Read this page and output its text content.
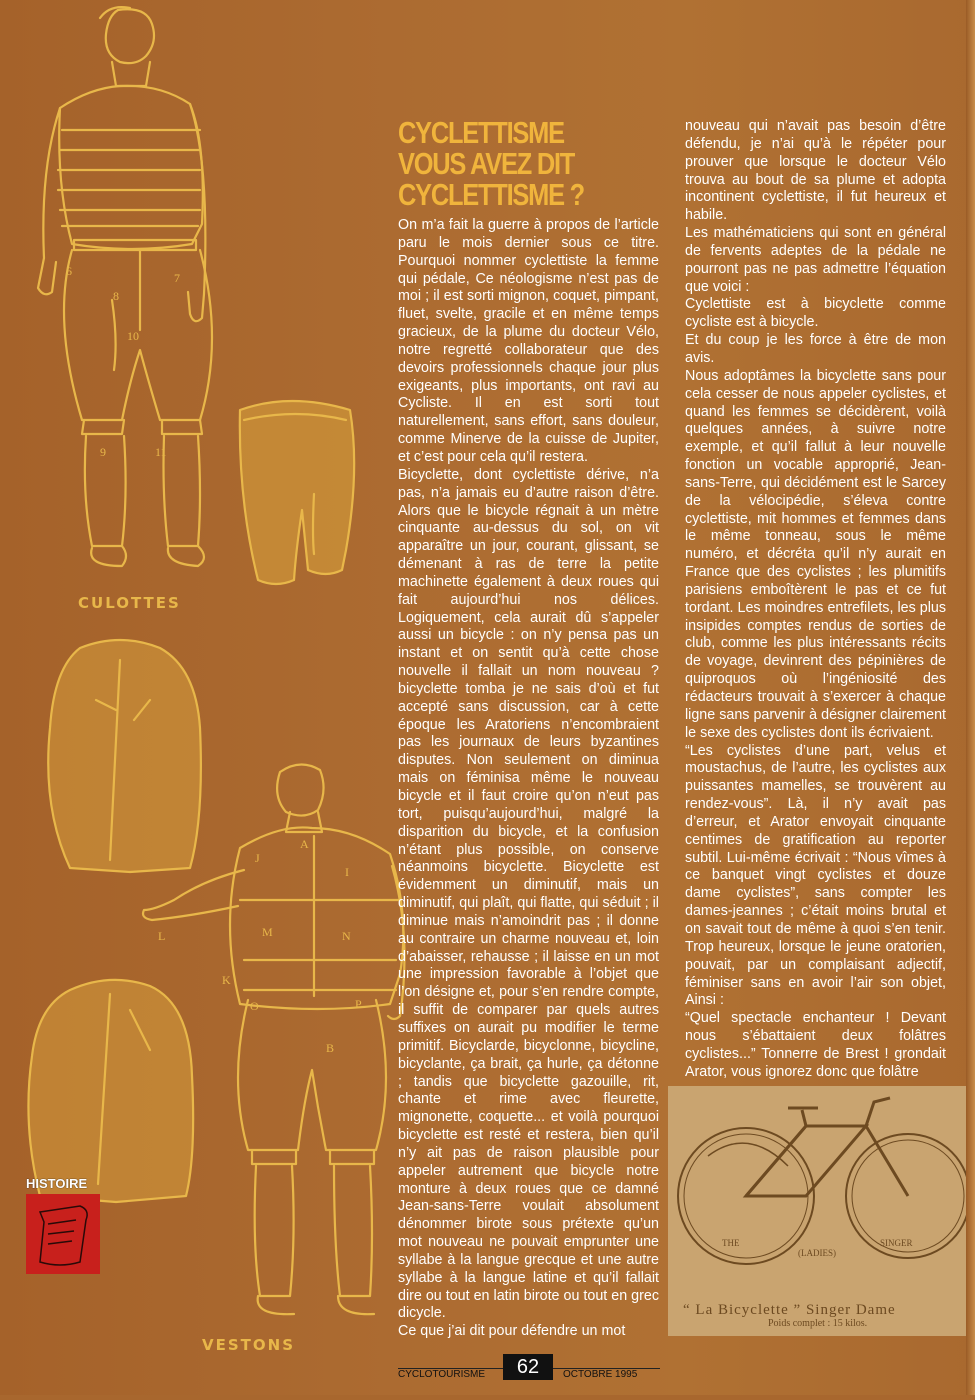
6	7
8
10
9	11
A
I
J
L	M	N
K
O	P
B
CULOTTES
VESTONS
CYCLETTISME
VOUS AVEZ DIT
CYCLETTISME ?

On m’a fait la guerre à propos de l’article paru le mois dernier sous ce titre. Pourquoi nommer cyclettiste la femme qui pédale, Ce néologisme n’est pas de moi ; il est sorti mignon, coquet, pimpant, fluet, svelte, gracile et en même temps gracieux, de la plume du docteur Vélo, notre regretté collaborateur que des devoirs professionnels chaque jour plus exigeants, plus importants, ont ravi au Cycliste. Il en est sorti tout naturellement, sans effort, sans douleur, comme Minerve de la cuisse de Jupiter, et c’est pour cela qu’il restera.

Bicyclette, dont cyclettiste dérive, n’a pas, n’a jamais eu d’autre raison d’être. Alors que le bicycle régnait à un mètre cinquante au-dessus du sol, on vit apparaître un jour, courant, glissant, se démenant à ras de terre la petite machinette également à deux roues qui fait aujourd’hui nos délices. Logiquement, cela aurait dû s’appeler aussi un bicycle : on n’y pensa pas un instant et on sentit qu’à cette chose nouvelle il fallait un nom nouveau ? bicyclette tomba je ne sais d’où et fut accepté sans discussion, car à cette époque les Aratoriens n’encombraient pas les journaux de leurs byzantines disputes. Non seulement on diminua mais on féminisa même le nouveau bicycle et il faut croire qu’on n’eut pas tort, puisqu’aujourd’hui, malgré la disparition du bicycle, et la confusion n’étant plus possible, on conserve néanmoins bicyclette. Bicyclette est évidemment un diminutif, mais un diminutif, qui plaît, qui flatte, qui séduit ; il diminue mais n’amoindrit pas ; il donne au contraire un charme nouveau et, loin d’abaisser, rehausse ; il laisse en un mot une impression favorable à l’objet que l’on désigne et, pour s’en rendre compte, il suffit de comparer par quels autres suffixes on aurait pu modifier le terme primitif. Bicyclarde, bicyclonne, bicycline, bicyclante, ça brait, ça hurle, ça détonne ; tandis que bicyclette gazouille, rit, chante et rime avec fleurette, mignonette, coquette... et voilà pourquoi bicyclette est resté et restera, bien qu’il n’y ait pas de raison plausible pour appeler autrement que bicycle notre monture à deux roues que ce damné Jean-sans-Terre voulait absolument dénommer birote sous prétexte qu’un mot nouveau ne pouvait emprunter une syllabe à la langue grecque et une autre syllabe à la langue latine et qu’il fallait dire ou tout en latin birote ou tout en grec dicycle.

Ce que j’ai dit pour défendre un mot

nouveau qui n’avait pas besoin d’être défendu, je n’ai qu’à le répéter pour prouver que lorsque le docteur Vélo trouva au bout de sa plume et adopta incontinent cyclettiste, il fut heureux et habile.

Les mathématiciens qui sont en général de fervents adeptes de la pédale ne pourront pas ne pas admettre l’équation que voici :

Cyclettiste est à bicyclette comme cycliste est à bicycle.

Et du coup je les force à être de mon avis.

Nous adoptâmes la bicyclette sans pour cela cesser de nous appeler cyclistes, et quand les femmes se décidèrent, voilà quelques années, à suivre notre exemple, et qu’il fallut à leur nouvelle fonction un vocable approprié, Jean-sans-Terre, qui décidément est le Sarcey de la vélocipédie, s’éleva contre cyclettiste, mit hommes et femmes dans le même tonneau, sous le même numéro, et décréta qu’il n’y aurait en France que des cyclistes ; les plumitifs parisiens emboîtèrent le pas et ce fut tordant. Les moindres entrefilets, les plus insipides comptes rendus de sorties de club, comme les plus intéressants récits de voyage, devinrent des pépinières de quiproquos où l’ingéniosité des rédacteurs trouvait à s’exercer à chaque ligne sans parvenir à désigner clairement le sexe des cyclistes dont ils écrivaient.

“Les cyclistes d’une part, velus et moustachus, de l’autre, les cyclistes aux puissantes mamelles, se trouvèrent au rendez-vous”. Là, il n’y avait pas d’erreur, et Arator envoyait cinquante centimes de gratification au reporter subtil. Lui-même écrivait : “Nous vîmes à ce banquet vingt cyclistes et douze dame cyclistes”, sans compter les dames-jeannes ; c’était moins brutal et on savait tout de même à quoi s’en tenir. Trop heureux, lorsque le jeune oratorien, pouvait, par un complaisant adjectif, féminiser sans en avoir l’air son objet, Ainsi :

“Quel spectacle enchanteur ! Devant nous s’ébattaient deux folâtres cyclistes...” Tonnerre de Brest ! grondait Arator, vous ignorez donc que folâtre

THE
(LADIES)
SINGER
“ La Bicyclette ” Singer Dame
Poids complet : 15 kilos.
HISTOIRE
CYCLOTOURISME	62	OCTOBRE 1995
